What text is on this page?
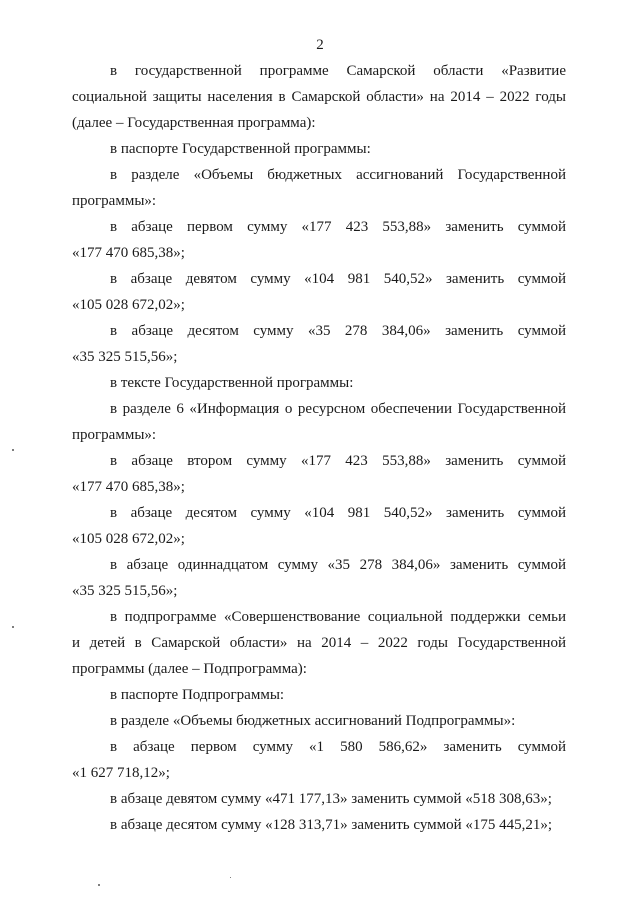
2

в государственной программе Самарской области «Развитие
социальной защиты населения в Самарской области» на 2014 – 2022 годы (далее – Государственная программа):

в паспорте Государственной программы:

в разделе «Объемы бюджетных ассигнований Государственной
программы»:

в абзаце первом сумму «177 423 553,88» заменить суммой
«177 470 685,38»;

в абзаце девятом сумму «104 981 540,52» заменить суммой
«105 028 672,02»;

в абзаце десятом сумму «35 278 384,06» заменить суммой
«35 325 515,56»;

в тексте Государственной программы:

в разделе 6 «Информация о ресурсном обеспечении Государственной
программы»:

в абзаце втором сумму «177 423 553,88» заменить суммой
«177 470 685,38»;

в абзаце десятом сумму «104 981 540,52» заменить суммой
«105 028 672,02»;

в абзаце одиннадцатом сумму «35 278 384,06» заменить суммой
«35 325 515,56»;

в подпрограмме «Совершенствование социальной поддержки семьи
и детей в Самарской области» на 2014 – 2022 годы Государственной программы (далее – Подпрограмма):

в паспорте Подпрограммы:

в разделе «Объемы бюджетных ассигнований Подпрограммы»:

в абзаце первом сумму «1 580 586,62» заменить суммой
«1 627 718,12»;

в абзаце девятом сумму «471 177,13» заменить суммой «518 308,63»;

в абзаце десятом сумму «128 313,71» заменить суммой «175 445,21»;
